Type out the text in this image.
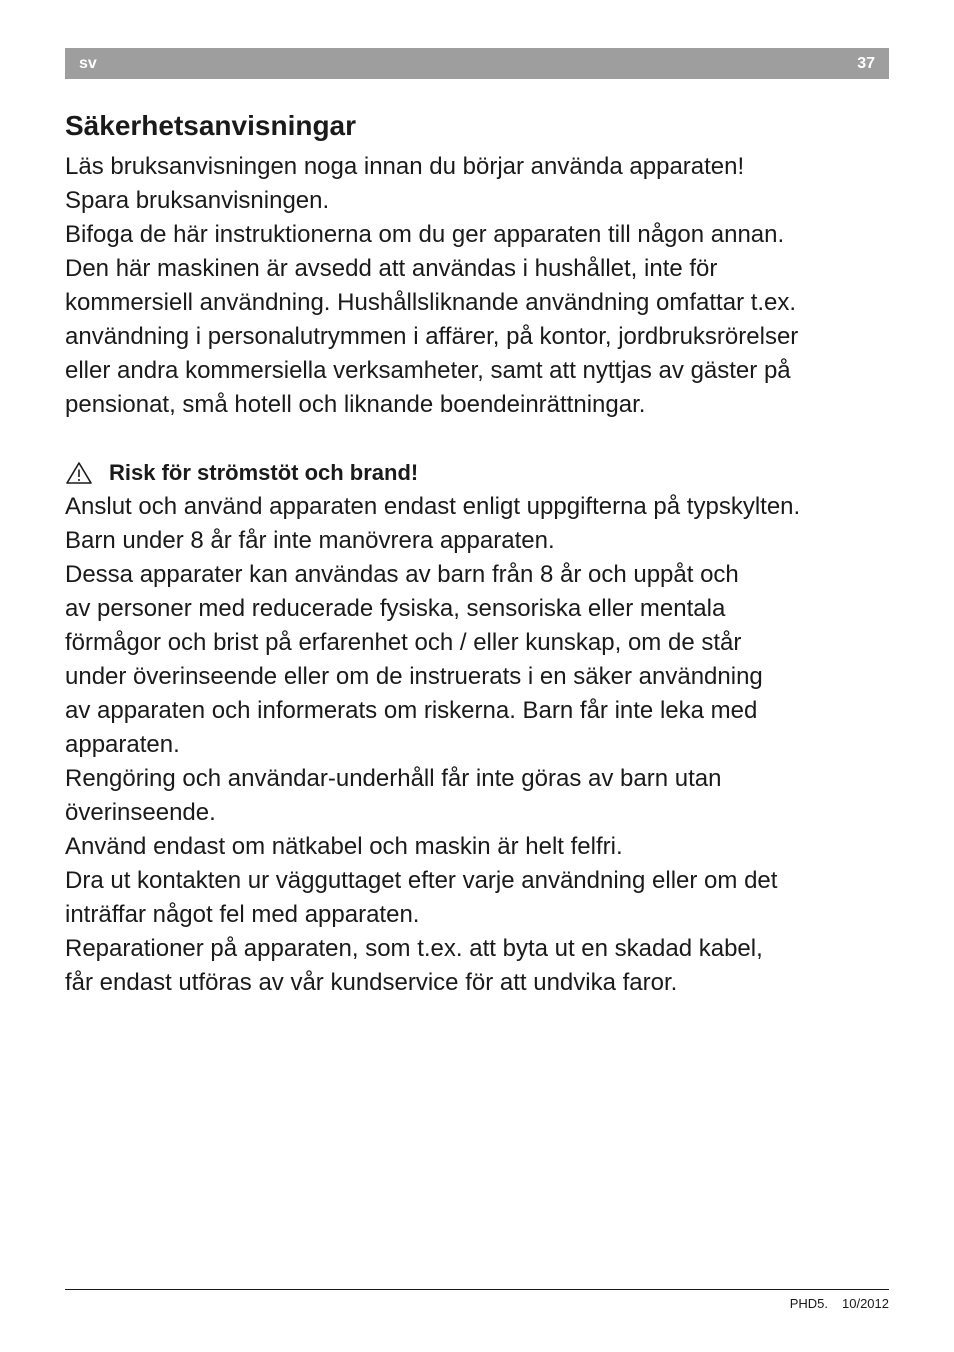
sv	37
Säkerhetsanvisningar

Läs bruksanvisningen noga innan du börjar använda apparaten!

Spara bruksanvisningen.

Bifoga de här instruktionerna om du ger apparaten till någon annan.

Den här maskinen är avsedd att användas i hushållet, inte för

kommersiell användning. Hushållsliknande användning omfattar t.ex.

användning i personalutrymmen i affärer, på kontor, jordbruksrörelser

eller andra kommersiella verksamheter, samt att nyttjas av gäster på

pensionat, små hotell och liknande boendeinrättningar.

Risk för strömstöt och brand!

Anslut och använd apparaten endast enligt uppgifterna på typskylten.

Barn under 8 år får inte manövrera apparaten.

Dessa apparater kan användas av barn från 8 år och uppåt och

av personer med reducerade fysiska, sensoriska eller mentala

förmågor och brist på erfarenhet och / eller kunskap, om de står

under överinseende eller om de instruerats i en säker användning

av apparaten och informerats om riskerna. Barn får inte leka med

apparaten.

Rengöring och användar-underhåll får inte göras av barn utan

överinseende.

Använd endast om nätkabel och maskin är helt felfri.

Dra ut kontakten ur vägguttaget efter varje användning eller om det

inträffar något fel med apparaten.

Reparationer på apparaten, som t.ex. att byta ut en skadad kabel,

får endast utföras av vår kundservice för att undvika faror.

PHD5. 10/2012
